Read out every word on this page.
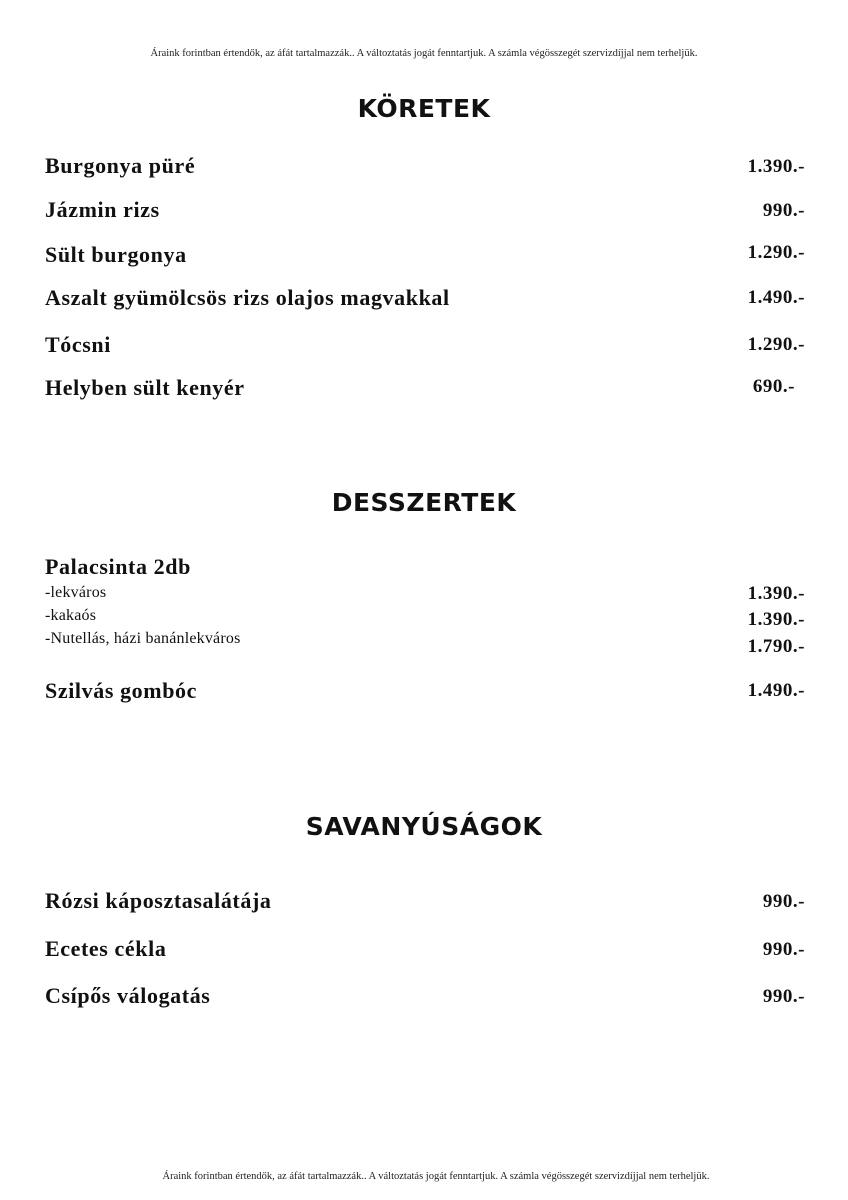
Áraink forintban értendők, az áfát tartalmazzák.. A változtatás jogát fenntartjuk. A számla végösszegét szervizdíjjal nem terheljük.
KÖRETEK
Burgonya püré	1.390.-
Jázmin rizs	990.-
Sült burgonya	1.290.-
Aszalt gyümölcsös rizs olajos magvakkal	1.490.-
Tócsni	1.290.-
Helyben sült kenyér	690.-
DESSZERTEK
Palacsinta 2db
-lekváros	1.390.-
-kakaós	1.390.-
-Nutellás, házi banánlekváros	1.790.-
Szilvás gombóc	1.490.-
SAVANYÚSÁGOK
Rózsi káposztasalátája	990.-
Ecetes cékla	990.-
Csípős válogatás	990.-
Áraink forintban értendők, az áfát tartalmazzák.. A változtatás jogát fenntartjuk. A számla végösszegét szervizdíjjal nem terheljük.
